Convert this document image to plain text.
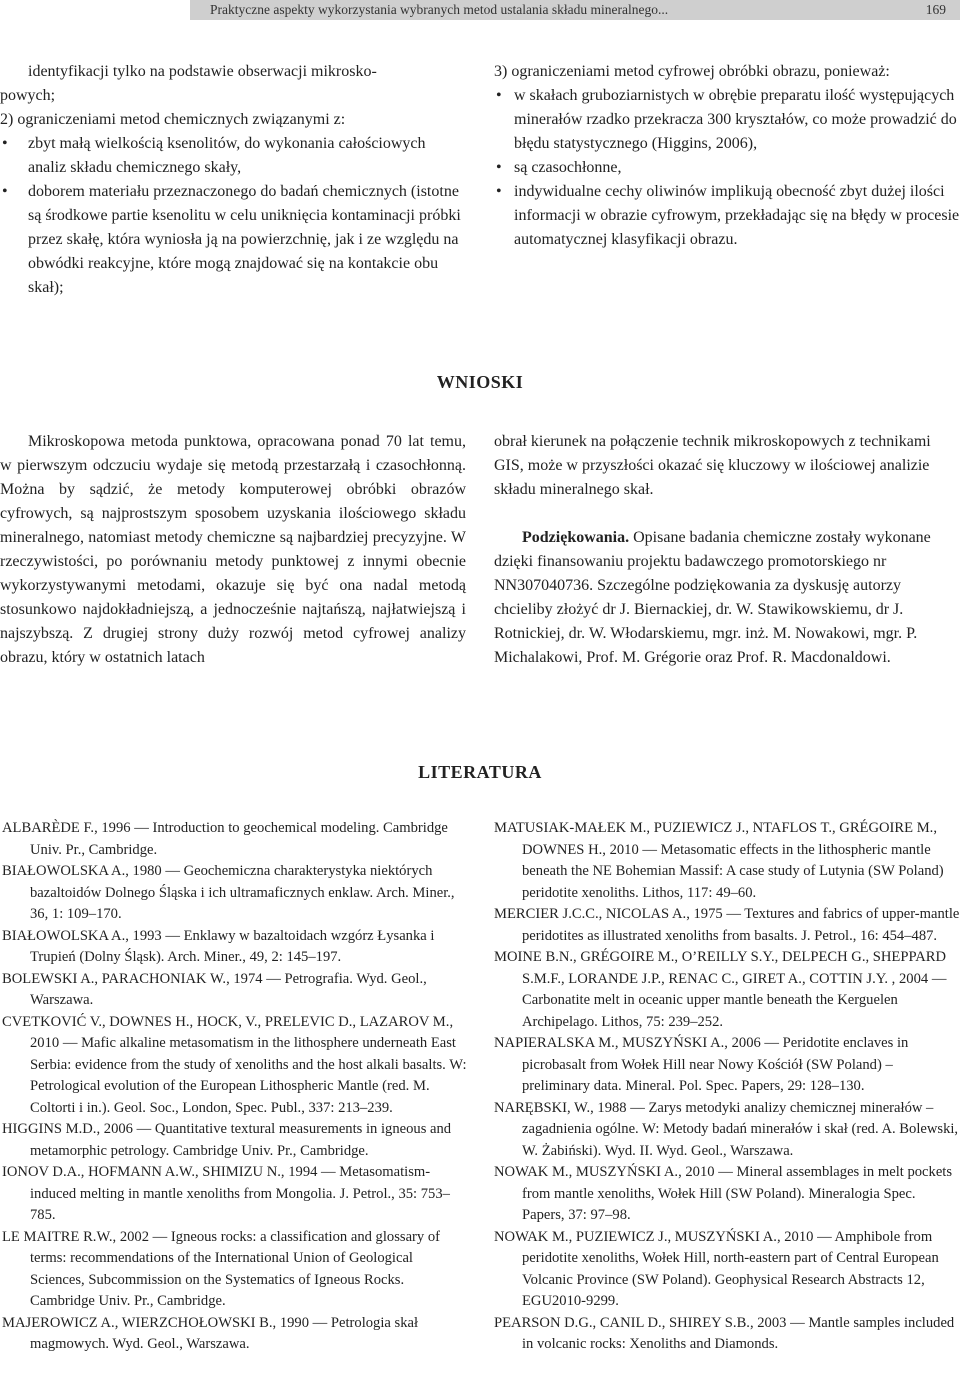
Praktyczne aspekty wykorzystania wybranych metod ustalania składu mineralnego...	169

identyfikacji tylko na podstawie obserwacji mikrosko-

powych;

2) ograniczeniami metod chemicznych związanymi z:

• zbyt małą wielkością ksenolitów, do wykonania całościowych analiz składu chemicznego skały,

• doborem materiału przeznaczonego do badań chemicznych (istotne są środkowe partie ksenolitu w celu uniknięcia kontaminacji próbki przez skałę, która wyniosła ją na powierzchnię, jak i ze względu na obwódki reakcyjne, które mogą znajdować się na kontakcie obu skał);

3) ograniczeniami metod cyfrowej obróbki obrazu, ponieważ:

• w skałach gruboziarnistych w obrębie preparatu ilość występujących minerałów rzadko przekracza 300 kryształów, co może prowadzić do błędu statystycznego (Higgins, 2006),

• są czasochłonne,

• indywidualne cechy oliwinów implikują obecność zbyt dużej ilości informacji w obrazie cyfrowym, przekładając się na błędy w procesie automatycznej klasyfikacji obrazu.

WNIOSKI

Mikroskopowa metoda punktowa, opracowana ponad 70 lat temu, w pierwszym odczuciu wydaje się metodą przestarzałą i czasochłonną. Można by sądzić, że metody komputerowej obróbki obrazów cyfrowych, są najprostszym sposobem uzyskania ilościowego składu mineralnego, natomiast metody chemiczne są najbardziej precyzyjne. W rzeczywistości, po porównaniu metody punktowej z innymi obecnie wykorzystywanymi metodami, okazuje się być ona nadal metodą stosunkowo najdokładniejszą, a jednocześnie najtańszą, najłatwiejszą i najszybszą. Z drugiej strony duży rozwój metod cyfrowej analizy obrazu, który w ostatnich latach

obrał kierunek na połączenie technik mikroskopowych z technikami GIS, może w przyszłości okazać się kluczowy w ilościowej analizie składu mineralnego skał.

Podziękowania. Opisane badania chemiczne zostały wykonane dzięki finansowaniu projektu badawczego promotorskiego nr NN307040736. Szczególne podziękowania za dyskusję autorzy chcieliby złożyć dr J. Biernackiej, dr. W. Stawikowskiemu, dr J. Rotnickiej, dr. W. Włodarskiemu, mgr. inż. M. Nowakowi, mgr. P. Michalakowi, Prof. M. Grégorie oraz Prof. R. Macdonaldowi.

LITERATURA

ALBARÈDE F., 1996 — Introduction to geochemical modeling. Cambridge Univ. Pr., Cambridge.

BIAŁOWOLSKA A., 1980 — Geochemiczna charakterystyka niektórych bazaltoidów Dolnego Śląska i ich ultramaficznych enklaw. Arch. Miner., 36, 1: 109–170.

BIAŁOWOLSKA A., 1993 — Enklawy w bazaltoidach wzgórz Łysanka i Trupień (Dolny Śląsk). Arch. Miner., 49, 2: 145–197.

BOLEWSKI A., PARACHONIAK W., 1974 — Petrografia. Wyd. Geol., Warszawa.

CVETKOVIĆ V., DOWNES H., HOCK, V., PRELEVIC D., LAZAROV M., 2010 — Mafic alkaline metasomatism in the lithosphere underneath East Serbia: evidence from the study of xenoliths and the host alkali basalts. W: Petrological evolution of the European Lithospheric Mantle (red. M. Coltorti i in.). Geol. Soc., London, Spec. Publ., 337: 213–239.

HIGGINS M.D., 2006 — Quantitative textural measurements in igneous and metamorphic petrology. Cambridge Univ. Pr., Cambridge.

IONOV D.A., HOFMANN A.W., SHIMIZU N., 1994 — Metasomatism-induced melting in mantle xenoliths from Mongolia. J. Petrol., 35: 753–785.

LE MAITRE R.W., 2002 — Igneous rocks: a classification and glossary of terms: recommendations of the International Union of Geological Sciences, Subcommission on the Systematics of Igneous Rocks. Cambridge Univ. Pr., Cambridge.

MAJEROWICZ A., WIERZCHOŁOWSKI B., 1990 — Petrologia skał magmowych. Wyd. Geol., Warszawa.

MATUSIAK-MAŁEK M., PUZIEWICZ J., NTAFLOS T., GRÉGOIRE M., DOWNES H., 2010 — Metasomatic effects in the lithospheric mantle beneath the NE Bohemian Massif: A case study of Lutynia (SW Poland) peridotite xenoliths. Lithos, 117: 49–60.

MERCIER J.C.C., NICOLAS A., 1975 — Textures and fabrics of upper-mantle peridotites as illustrated xenoliths from basalts. J. Petrol., 16: 454–487.

MOINE B.N., GRÉGOIRE M., O’REILLY S.Y., DELPECH G., SHEPPARD S.M.F., LORANDE J.P., RENAC C., GIRET A., COTTIN J.Y. , 2004 — Carbonatite melt in oceanic upper mantle beneath the Kerguelen Archipelago. Lithos, 75: 239–252.

NAPIERALSKA M., MUSZYŃSKI A., 2006 — Peridotite enclaves in picrobasalt from Wołek Hill near Nowy Kościół (SW Poland) – preliminary data. Mineral. Pol. Spec. Papers, 29: 128–130.

NARĘBSKI, W., 1988 — Zarys metodyki analizy chemicznej minerałów – zagadnienia ogólne. W: Metody badań minerałów i skał (red. A. Bolewski, W. Żabiński). Wyd. II. Wyd. Geol., Warszawa.

NOWAK M., MUSZYŃSKI A., 2010 — Mineral assemblages in melt pockets from mantle xenoliths, Wołek Hill (SW Poland). Mineralogia Spec. Papers, 37: 97–98.

NOWAK M., PUZIEWICZ J., MUSZYŃSKI A., 2010 — Amphibole from peridotite xenoliths, Wołek Hill, north-eastern part of Central European Volcanic Province (SW Poland). Geophysical Research Abstracts 12, EGU2010-9299.

PEARSON D.G., CANIL D., SHIREY S.B., 2003 — Mantle samples included in volcanic rocks: Xenoliths and Diamonds.
